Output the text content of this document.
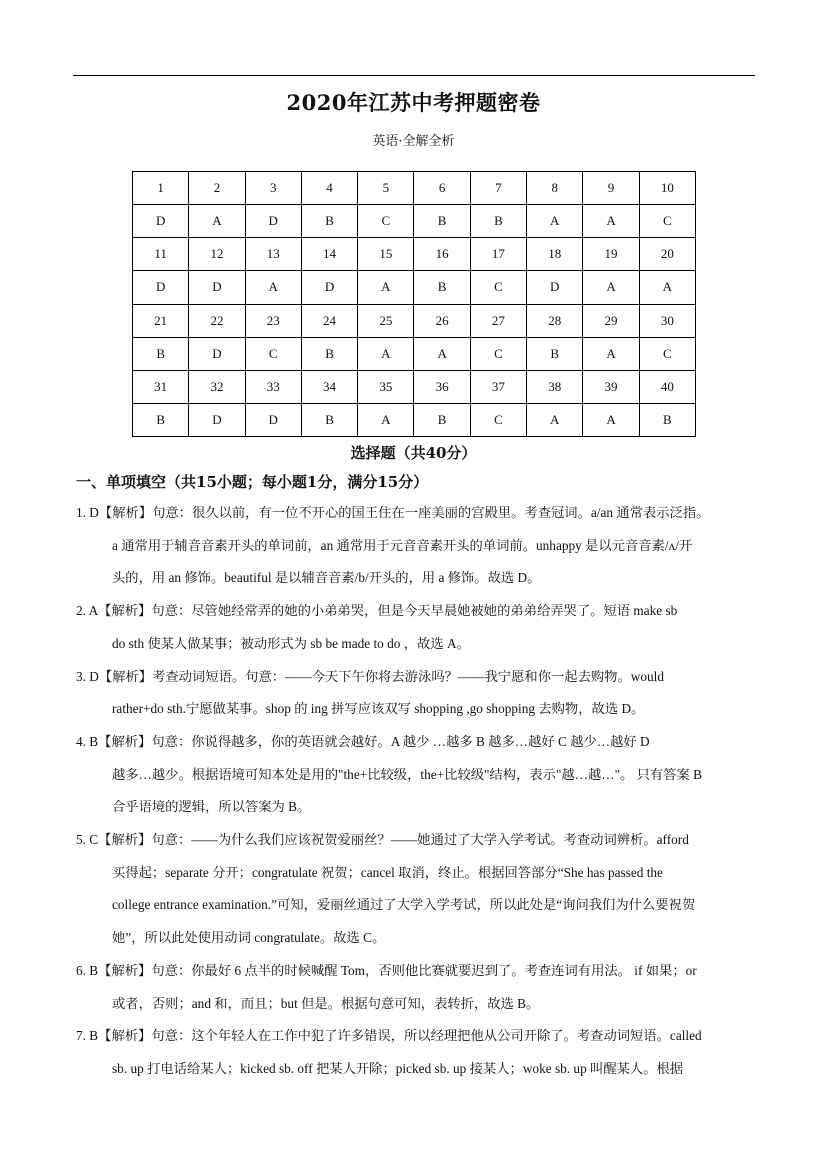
2020年江苏中考押题密卷
英语·全解全析
1	2	3	4	5	6	7	8	9	10
D	A	D	B	C	B	B	A	A	C
11	12	13	14	15	16	17	18	19	20
D	D	A	D	A	B	C	D	A	A
21	22	23	24	25	26	27	28	29	30
B	D	C	B	A	A	C	B	A	C
31	32	33	34	35	36	37	38	39	40
B	D	D	B	A	B	C	A	A	B
选择题（共40分）
一、单项填空（共15小题；每小题1分，满分15分）
1. D【解析】句意：很久以前，有一位不开心的国王住在一座美丽的宫殿里。考查冠词。a/an 通常表示泛指。
a 通常用于辅音音素开头的单词前，an 通常用于元音音素开头的单词前。unhappy 是以元音音素/ʌ/开
头的，用 an 修饰。beautiful 是以辅音音素/b/开头的，用 a 修饰。故选 D。
2. A【解析】句意：尽管她经常弄的她的小弟弟哭，但是今天早晨她被她的弟弟给弄哭了。短语 make sb
do sth 使某人做某事；被动形式为 sb be made to do ，故选 A。
3. D【解析】考查动词短语。句意：——今天下午你将去游泳吗？——我宁愿和你一起去购物。would
rather+do sth.宁愿做某事。shop 的 ing 拼写应该双写 shopping ,go shopping 去购物，故选 D。
4. B【解析】句意：你说得越多，你的英语就会越好。A 越少 …越多 B 越多…越好 C 越少…越好 D
越多…越少。根据语境可知本处是用的"the+比较级，the+比较级"结构，表示"越…越…"。 只有答案 B
合乎语境的逻辑，所以答案为 B。
5. C【解析】句意：——为什么我们应该祝贺爱丽丝？——她通过了大学入学考试。考查动词辨析。afford
买得起；separate 分开；congratulate 祝贺；cancel 取消，终止。根据回答部分“She has passed the
college entrance examination.”可知，爱丽丝通过了大学入学考试，所以此处是“询问我们为什么要祝贺
她”，所以此处使用动词 congratulate。故选 C。
6. B【解析】句意：你最好 6 点半的时候喊醒 Tom，否则他比赛就要迟到了。考查连词有用法。 if 如果；or
或者，否则；and 和，而且；but 但是。根据句意可知，表转折，故选 B。
7. B【解析】句意：这个年轻人在工作中犯了许多错误，所以经理把他从公司开除了。考查动词短语。called
sb. up 打电话给某人；kicked sb. off 把某人开除；picked sb. up 接某人；woke sb. up 叫醒某人。根据
